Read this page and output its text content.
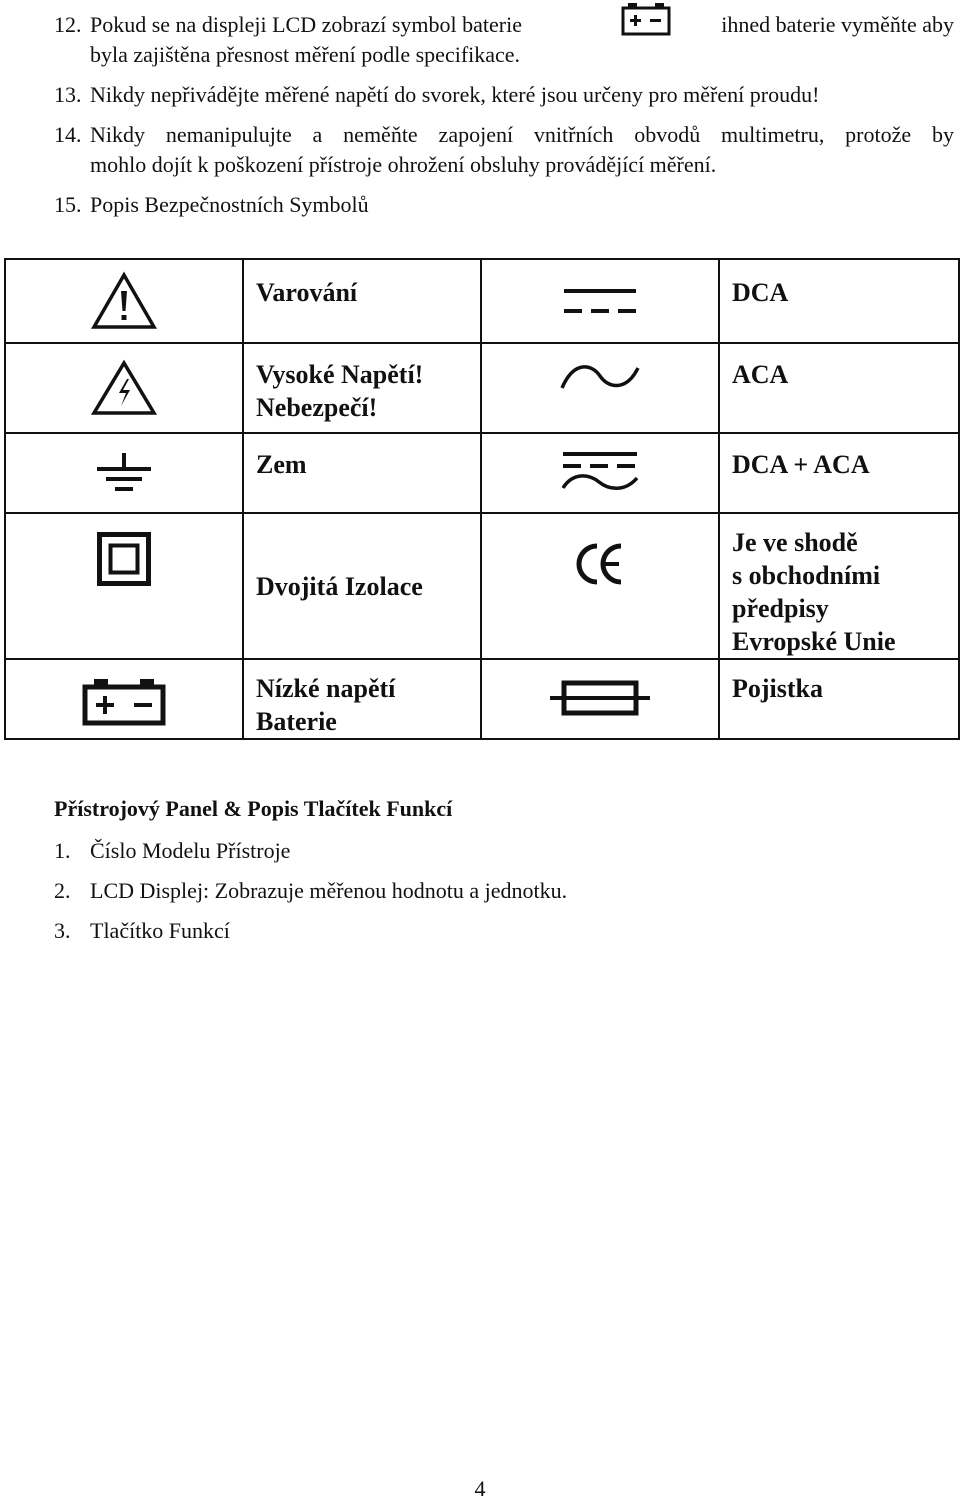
12. Pokud se na displeji LCD zobrazí symbol baterie	ihned baterie vyměňte aby
byla zajištěna přesnost měření podle specifikace.
13. Nikdy nepřivádějte měřené napětí do svorek, které jsou určeny pro měření proudu!
14. Nikdy nemanipulujte a neměňte zapojení vnitřních obvodů multimetru, protože by
mohlo dojít k poškození přístroje ohrožení obsluhy provádějící měření.
15. Popis Bezpečnostních Symbolů

Varování		DCA

Vysoké Napětí!
Nebezpečí!		ACA

Zem		DCA + ACA

Dvojitá Izolace		Je ve shodě
s obchodními
předpisy
Evropské Unie

Nízké napětí
Baterie		Pojistka
Přístrojový Panel & Popis Tlačítek Funkcí
1. Číslo Modelu Přístroje
2. LCD Displej: Zobrazuje měřenou hodnotu a jednotku.
3. Tlačítko Funkcí
4
